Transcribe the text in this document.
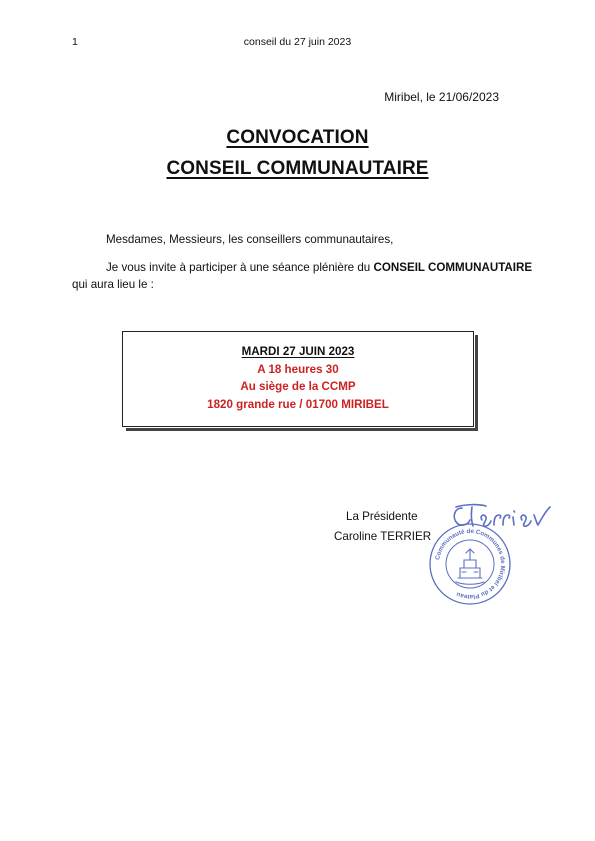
1	conseil du 27 juin 2023
Miribel, le 21/06/2023
CONVOCATION
CONSEIL COMMUNAUTAIRE
Mesdames, Messieurs, les conseillers communautaires,
Je vous invite à participer à une séance plénière du CONSEIL COMMUNAUTAIRE
qui aura lieu le :
MARDI 27 JUIN 2023
A 18 heures 30
Au siège de la CCMP
1820 grande rue / 01700 MIRIBEL
La Présidente
Caroline TERRIER
Communauté de Communes de Miribel et du Plateau
